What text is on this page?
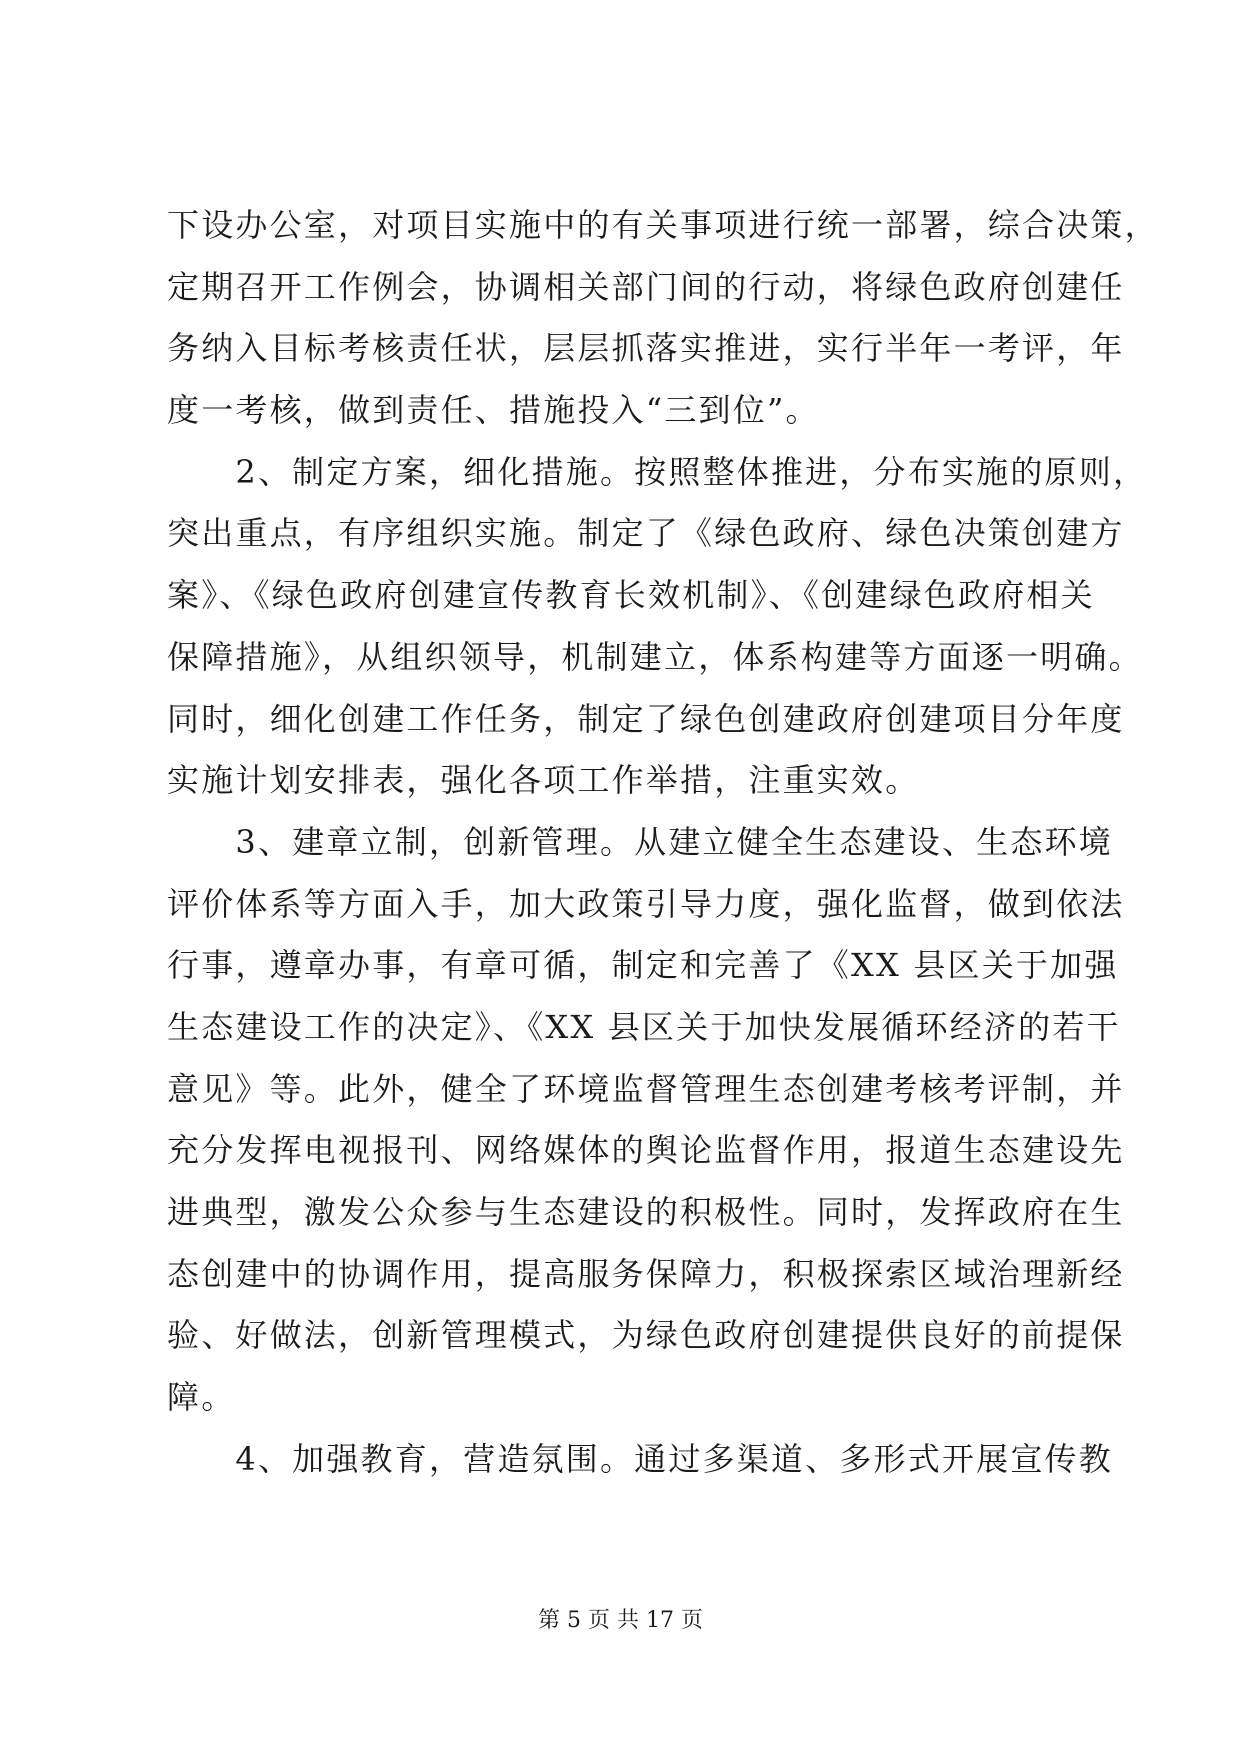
下设办公室，对项目实施中的有关事项进行统一部署，综合决策，
定期召开工作例会，协调相关部门间的行动，将绿色政府创建任
务纳入目标考核责任状，层层抓落实推进，实行半年一考评，年
度一考核，做到责任、措施投入“三到位”。
　　2、制定方案，细化措施。按照整体推进，分布实施的原则，
突出重点，有序组织实施。制定了《绿色政府、绿色决策创建方
案》、《绿色政府创建宣传教育长效机制》、《创建绿色政府相关
保障措施》，从组织领导，机制建立，体系构建等方面逐一明确。
同时，细化创建工作任务，制定了绿色创建政府创建项目分年度
实施计划安排表，强化各项工作举措，注重实效。
　　3、建章立制，创新管理。从建立健全生态建设、生态环境
评价体系等方面入手，加大政策引导力度，强化监督，做到依法
行事，遵章办事，有章可循，制定和完善了《XX 县区关于加强
生态建设工作的决定》、《XX 县区关于加快发展循环经济的若干
意见》等。此外，健全了环境监督管理生态创建考核考评制，并
充分发挥电视报刊、网络媒体的舆论监督作用，报道生态建设先
进典型，激发公众参与生态建设的积极性。同时，发挥政府在生
态创建中的协调作用，提高服务保障力，积极探索区域治理新经
验、好做法，创新管理模式，为绿色政府创建提供良好的前提保
障。
　　4、加强教育，营造氛围。通过多渠道、多形式开展宣传教
第 5 页 共 17 页
